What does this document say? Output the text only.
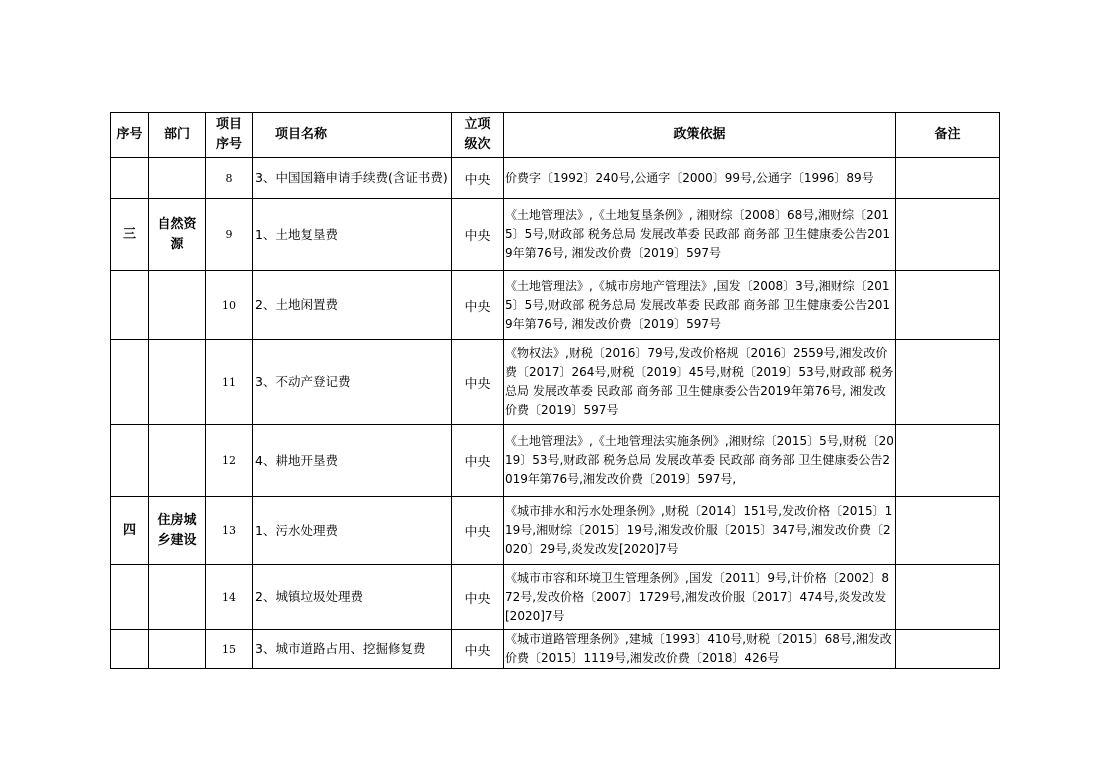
序号	部门	项目序号	项目名称	立项级次	政策依据	备注
		8	3、中国国籍申请手续费(含证书费)	中央	价费字〔1992〕240号,公通字〔2000〕99号,公通字〔1996〕89号	
三	自然资源	9	1、土地复垦费	中央	《土地管理法》,《土地复垦条例》, 湘财综〔2008〕68号,湘财综〔2015〕5号,财政部 税务总局 发展改革委 民政部 商务部 卫生健康委公告2019年第76号, 湘发改价费〔2019〕597号	
		10	2、土地闲置费	中央	《土地管理法》,《城市房地产管理法》,国发〔2008〕3号,湘财综〔2015〕5号,财政部 税务总局 发展改革委 民政部 商务部 卫生健康委公告2019年第76号, 湘发改价费〔2019〕597号	
		11	3、不动产登记费	中央	《物权法》,财税〔2016〕79号,发改价格规〔2016〕2559号,湘发改价费〔2017〕264号,财税〔2019〕45号,财税〔2019〕53号,财政部 税务总局 发展改革委 民政部 商务部 卫生健康委公告2019年第76号, 湘发改价费〔2019〕597号	
		12	4、耕地开垦费	中央	《土地管理法》,《土地管理法实施条例》,湘财综〔2015〕5号,财税〔2019〕53号,财政部 税务总局 发展改革委 民政部 商务部 卫生健康委公告2019年第76号,湘发改价费〔2019〕597号,	
四	住房城乡建设	13	1、污水处理费	中央	《城市排水和污水处理条例》,财税〔2014〕151号,发改价格〔2015〕119号,湘财综〔2015〕19号,湘发改价服〔2015〕347号,湘发改价费〔2020〕29号,炎发改发[2020]7号	
		14	2、城镇垃圾处理费	中央	《城市市容和环境卫生管理条例》,国发〔2011〕9号,计价格〔2002〕872号,发改价格〔2007〕1729号,湘发改价服〔2017〕474号,炎发改发[2020]7号	
		15	3、城市道路占用、挖掘修复费	中央	《城市道路管理条例》,建城〔1993〕410号,财税〔2015〕68号,湘发改价费〔2015〕1119号,湘发改价费〔2018〕426号	
